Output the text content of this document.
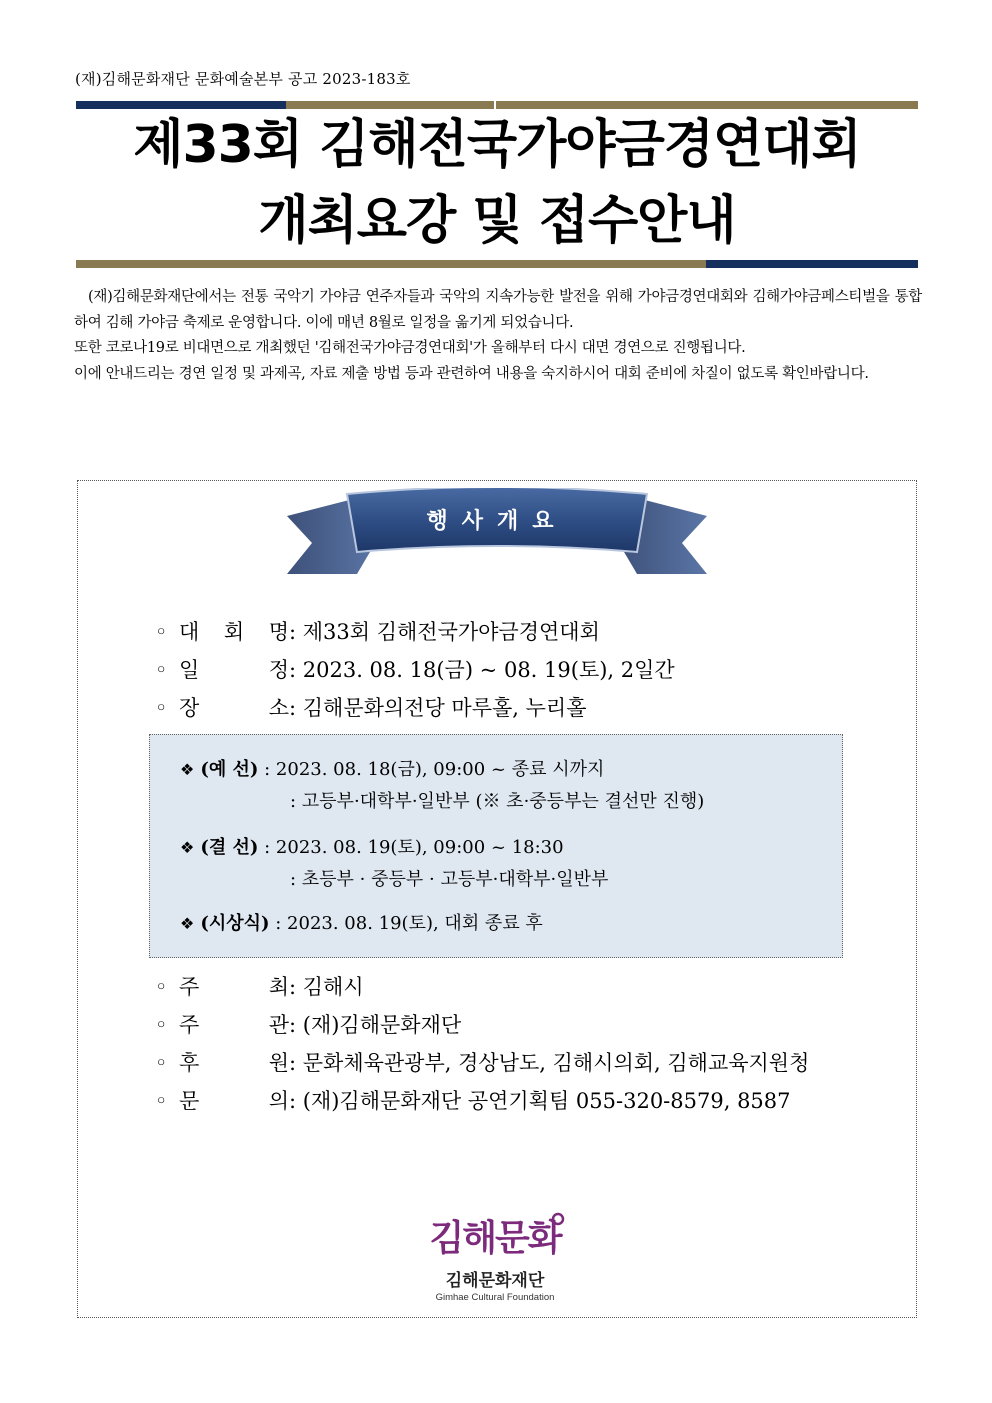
(재)김해문화재단 문화예술본부 공고 2023-183호
제33회 김해전국가야금경연대회
개최요강 및 접수안내

(재)김해문화재단에서는 전통 국악기 가야금 연주자들과 국악의 지속가능한 발전을 위해 가야금경연대회와 김해가야금페스티벌을 통합하여 김해 가야금 축제로 운영합니다. 이에 매년 8월로 일정을 옮기게 되었습니다.

또한 코로나19로 비대면으로 개최했던 '김해전국가야금경연대회'가 올해부터 다시 대면 경연으로 진행됩니다.

이에 안내드리는 경연 일정 및 과제곡, 자료 제출 방법 등과 관련하여 내용을 숙지하시어 대회 준비에 차질이 없도록 확인바랍니다.

행사개요
◦ 대 회 명 : 제33회 김해전국가야금경연대회
◦ 일	정 : 2023. 08. 18(금) ~ 08. 19(토), 2일간
◦ 장	소 : 김해문화의전당 마루홀, 누리홀
❖ (예 선) : 2023. 08. 18(금), 09:00 ~ 종료 시까지
: 고등부·대학부·일반부 (※ 초·중등부는 결선만 진행)
❖ (결 선) : 2023. 08. 19(토), 09:00 ~ 18:30
: 초등부 · 중등부 · 고등부·대학부·일반부
❖ (시상식) : 2023. 08. 19(토), 대회 종료 후
◦ 주	최 : 김해시
◦ 주	관 : (재)김해문화재단
◦ 후	원 : 문화체육관광부, 경상남도, 김해시의회, 김해교육지원청
◦ 문	의 : (재)김해문화재단 공연기획팀 055-320-8579, 8587
김해문화
김해문화재단
Gimhae Cultural Foundation
